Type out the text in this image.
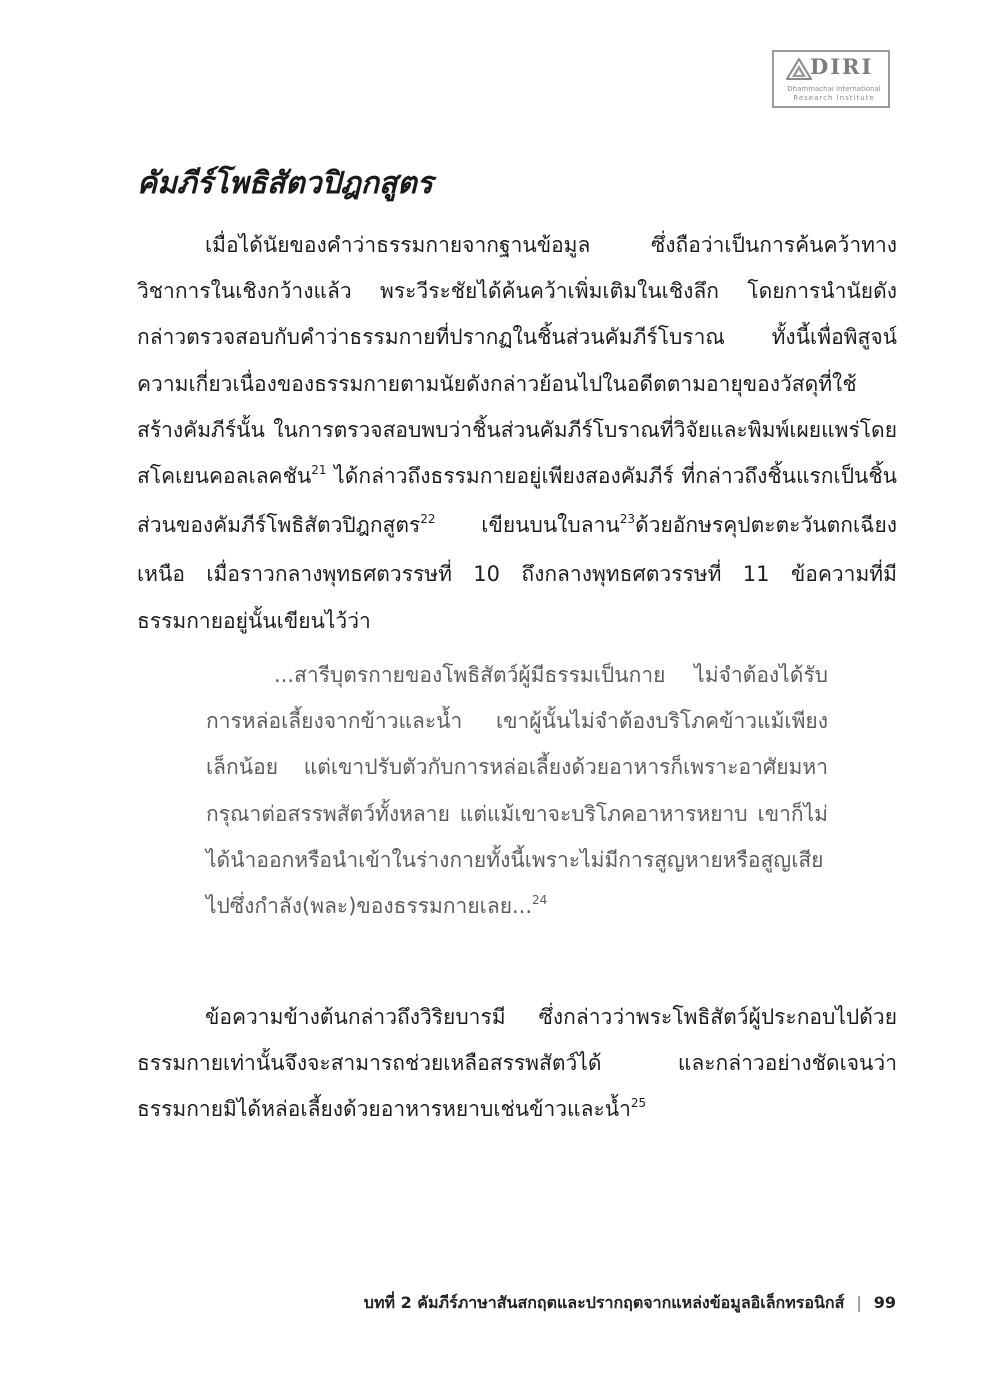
DIRI
Dhammachai International
Research Institute
คัมภีร์โพธิสัตวปิฎกสูตร

เมื่อได้นัยของคำว่าธรรมกายจากฐานข้อมูล ซึ่งถือว่าเป็นการค้นคว้าทางวิชาการในเชิงกว้างแล้ว พระวีระชัยได้ค้นคว้าเพิ่มเติมในเชิงลึก โดยการนำนัยดังกล่าวตรวจสอบกับคำว่าธรรมกายที่ปรากฏในชิ้นส่วนคัมภีร์โบราณ ทั้งนี้เพื่อพิสูจน์ความเกี่ยวเนื่องของธรรมกายตามนัยดังกล่าวย้อนไปในอดีตตามอายุของวัสดุที่ใช้สร้างคัมภีร์นั้น ในการตรวจสอบพบว่าชิ้นส่วนคัมภีร์โบราณที่วิจัยและพิมพ์เผยแพร่โดย สโคเยนคอลเลคชัน$^{21}$ ได้กล่าวถึงธรรมกายอยู่เพียงสองคัมภีร์ ที่กล่าวถึงชิ้นแรกเป็นชิ้นส่วนของคัมภีร์โพธิสัตวปิฎกสูตร$^{22}$ เขียนบนใบลาน$^{23}$ด้วยอักษรคุปตะตะวันตกเฉียงเหนือ เมื่อราวกลางพุทธศตวรรษที่ 10 ถึงกลางพุทธศตวรรษที่ 11 ข้อความที่มีธรรมกายอยู่นั้นเขียนไว้ว่า

...สารีบุตรกายของโพธิสัตว์ผู้มีธรรมเป็นกาย ไม่จำต้องได้รับการหล่อเลี้ยงจากข้าวและน้ำ เขาผู้นั้นไม่จำต้องบริโภคข้าวแม้เพียงเล็กน้อย แต่เขาปรับตัวกับการหล่อเลี้ยงด้วยอาหารก็เพราะอาศัยมหากรุณาต่อสรรพสัตว์ทั้งหลาย แต่แม้เขาจะบริโภคอาหารหยาบ เขาก็ไม่ได้นำออกหรือนำเข้าในร่างกายทั้งนี้เพราะไม่มีการสูญหายหรือสูญเสียไปซึ่งกำลัง(พละ)ของธรรมกายเลย...$^{24}$

ข้อความข้างต้นกล่าวถึงวิริยบารมี ซึ่งกล่าวว่าพระโพธิสัตว์ผู้ประกอบไปด้วยธรรมกายเท่านั้นจึงจะสามารถช่วยเหลือสรรพสัตว์ได้ และกล่าวอย่างชัดเจนว่าธรรมกายมิได้หล่อเลี้ยงด้วยอาหารหยาบเช่นข้าวและน้ำ$^{25}$

บทที่ 2 คัมภีร์ภาษาสันสกฤตและปรากฤตจากแหล่งข้อมูลอิเล็กทรอนิกส์ | 99
